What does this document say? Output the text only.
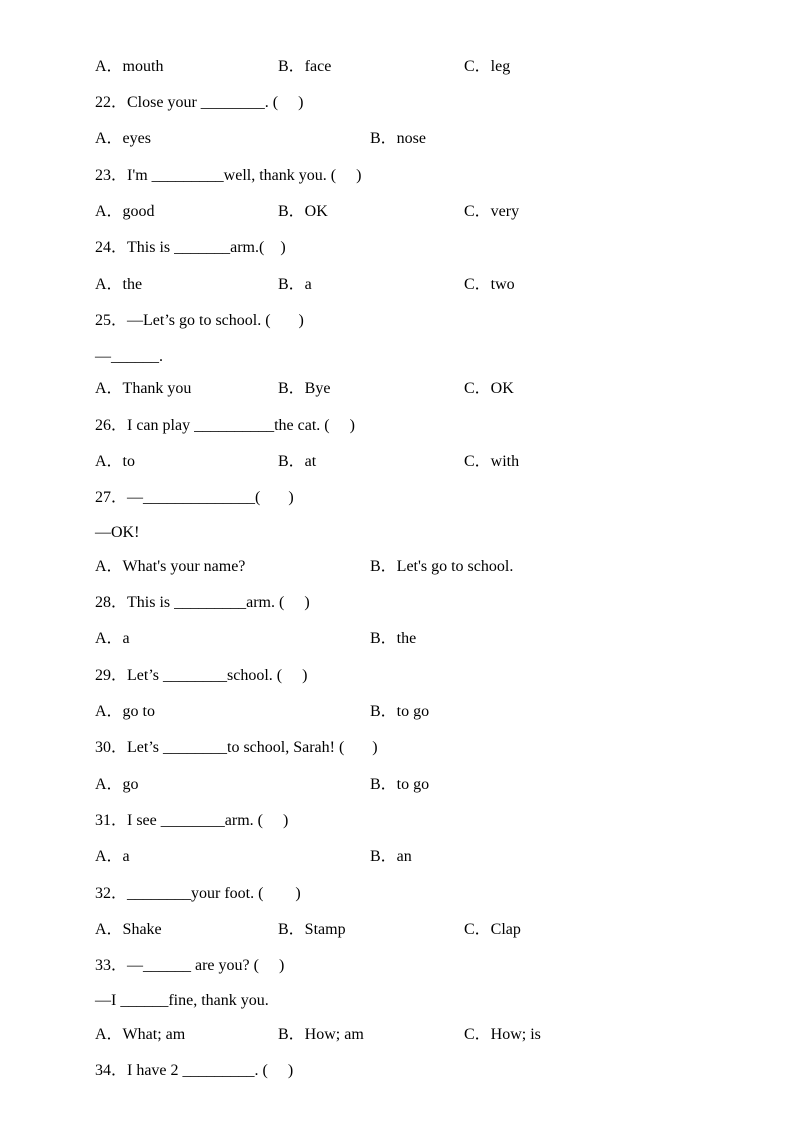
A．mouth	B．face	C．leg
22．Close your ________. (     )
A．eyes	B．nose
23．I'm _________well, thank you. (     )
A．good	B．OK	C．very
24．This is _______arm.(    )
A．the	B．a	C．two
25．—Let’s go to school. (       )
—______.
A．Thank you	B．Bye	C．OK
26．I can play __________the cat. (     )
A．to	B．at	C．with
27．—______________(       )
—OK!
A．What's your name?	B．Let's go to school.
28．This is _________arm. (     )
A．a	B．the
29．Let’s ________school. (     )
A．go to	B．to go
30．Let’s ________to school, Sarah! (       )
A．go	B．to go
31．I see ________arm. (     )
A．a	B．an
32．________your foot. (        )
A．Shake	B．Stamp	C．Clap
33．—______ are you? (     )
—I ______fine, thank you.
A．What; am	B．How; am	C．How; is
34．I have 2 _________. (     )
